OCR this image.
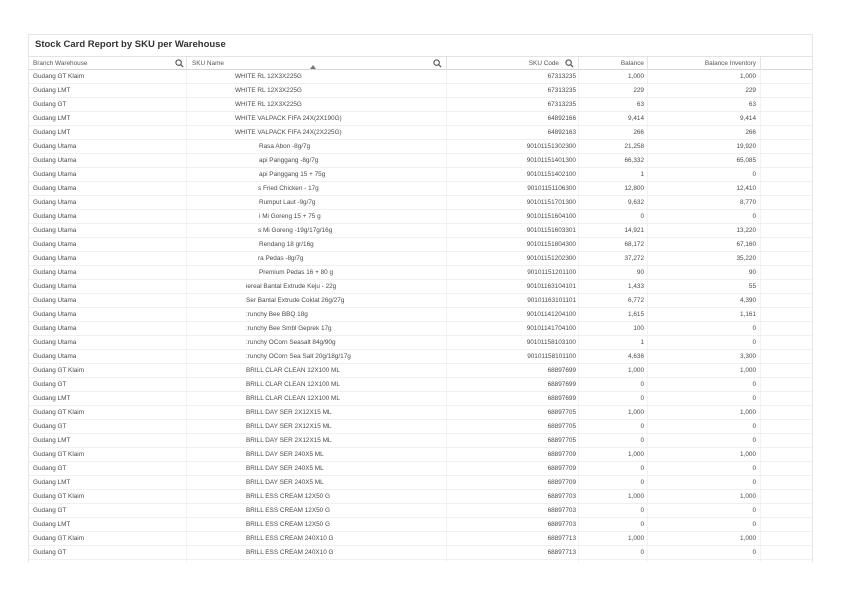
Stock Card Report by SKU per Warehouse
Branch Warehouse	SKU Name	SKU Code	Balance	Balance Inventory
Gudang GT Klaim	WHITE RL 12X3X225G	67313235	1,000	1,000
Gudang LMT	WHITE RL 12X3X225G	67313235	229	229
Gudang GT	WHITE RL 12X3X225G	67313235	63	63
Gudang LMT	WHITE VALPACK FIFA 24X(2X190G)	64892166	9,414	9,414
Gudang LMT	WHITE VALPACK FIFA 24X(2X225G)	64892163	266	266
Gudang Utama	Rasa Abon -8g/7g	90101151302300	21,258	19,920
Gudang Utama	api Panggang -8g/7g	90101151401300	66,332	65,085
Gudang Utama	api Panggang 15 + 75g	90101151402100	1	0
Gudang Utama	s Fried Chicken - 17g	90101151106300	12,800	12,410
Gudang Utama	Rumput Laut -9g/7g	90101151701300	9,632	8,770
Gudang Utama	i Mi Goreng 15 + 75 g	90101151604100	0	0
Gudang Utama	s Mi Goreng -19g/17g/16g	90101151603301	14,921	13,220
Gudang Utama	Rendang 18 gr/16g	90101151804300	68,172	67,160
Gudang Utama	ra Pedas -8g/7g	90101151202300	37,272	35,220
Gudang Utama	Premium Pedas 16 + 80 g	90101151201100	90	90
Gudang Utama	iereal Bantal Extrude Keju - 22g	90101163104101	1,433	55
Gudang Utama	Ser Bantal Extrude Coklat 26g/27g	90101163101101	6,772	4,390
Gudang Utama	:runchy Bee BBQ 18g	90101141204100	1,615	1,161
Gudang Utama	:runchy Bee Smbl Geprek 17g	90101141704100	100	0
Gudang Utama	:runchy OCorn Seasalt 84g/90g	90101158103100	1	0
Gudang Utama	:runchy OCorn Sea Salt 20g/18g/17g	90101158101100	4,636	3,300
Gudang GT Klaim	BRILL CLAR CLEAN 12X100 ML	68897699	1,000	1,000
Gudang GT	BRILL CLAR CLEAN 12X100 ML	68897699	0	0
Gudang LMT	BRILL CLAR CLEAN 12X100 ML	68897699	0	0
Gudang GT Klaim	BRILL DAY SER 2X12X15 ML	68897705	1,000	1,000
Gudang GT	BRILL DAY SER 2X12X15 ML	68897705	0	0
Gudang LMT	BRILL DAY SER 2X12X15 ML	68897705	0	0
Gudang GT Klaim	BRILL DAY SER 240X5 ML	68897709	1,000	1,000
Gudang GT	BRILL DAY SER 240X5 ML	68897709	0	0
Gudang LMT	BRILL DAY SER 240X5 ML	68897709	0	0
Gudang GT Klaim	BRILL ESS CREAM 12X50 G	68897703	1,000	1,000
Gudang GT	BRILL ESS CREAM 12X50 G	68897703	0	0
Gudang LMT	BRILL ESS CREAM 12X50 G	68897703	0	0
Gudang GT Klaim	BRILL ESS CREAM 240X10 G	68897713	1,000	1,000
Gudang GT	BRILL ESS CREAM 240X10 G	68897713	0	0
